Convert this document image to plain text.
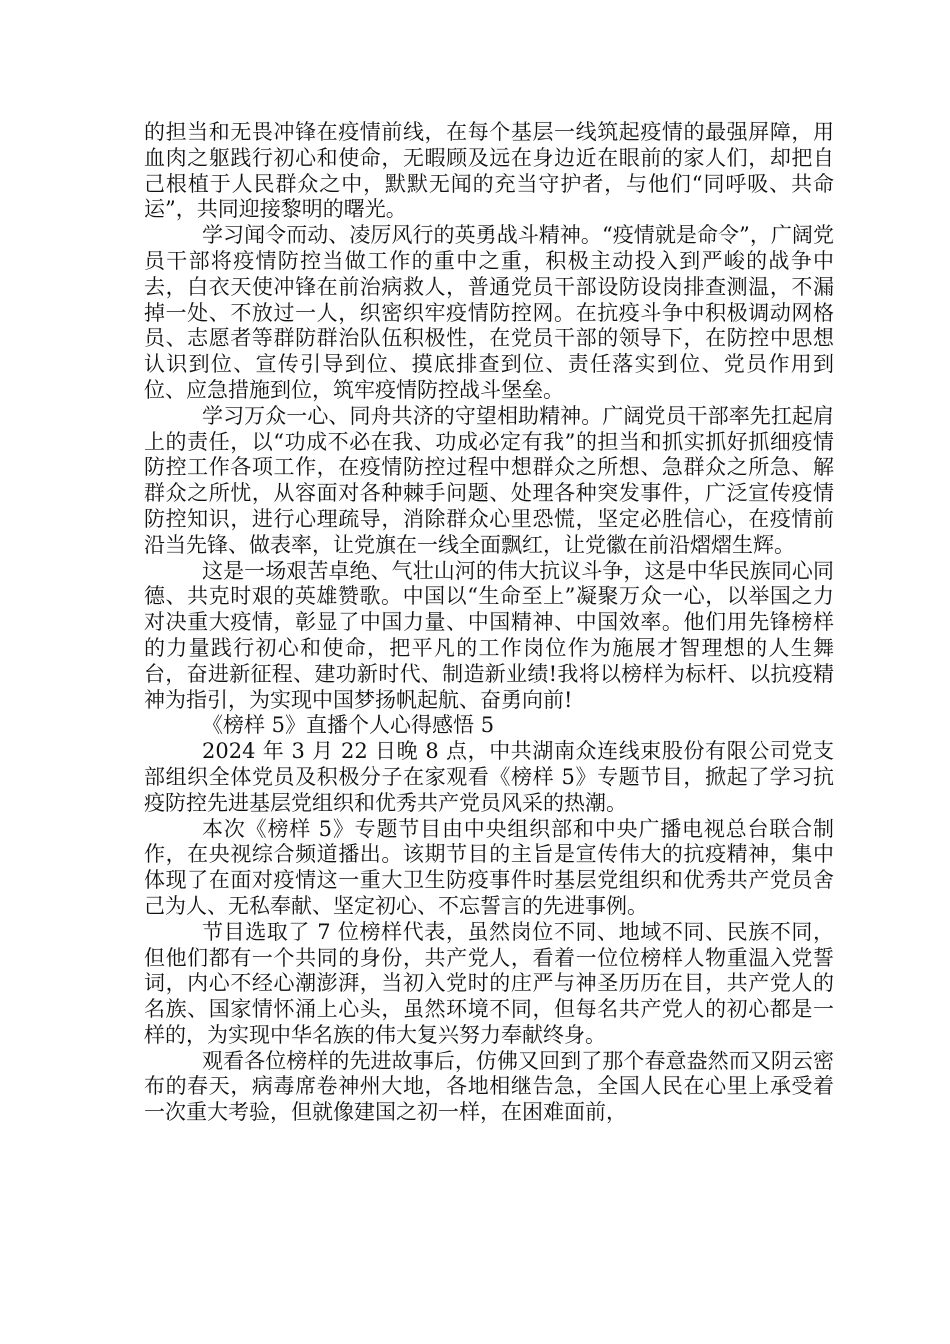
的担当和无畏冲锋在疫情前线，在每个基层一线筑起疫情的最强屏障，用血肉之躯践行初心和使命，无暇顾及远在身边近在眼前的家人们，却把自己根植于人民群众之中，默默无闻的充当守护者，与他们“同呼吸、共命运”，共同迎接黎明的曙光。

学习闻令而动、凌厉风行的英勇战斗精神。“疫情就是命令”，广阔党员干部将疫情防控当做工作的重中之重，积极主动投入到严峻的战争中去，白衣天使冲锋在前治病救人，普通党员干部设防设岗排查测温，不漏掉一处、不放过一人，织密织牢疫情防控网。在抗疫斗争中积极调动网格员、志愿者等群防群治队伍积极性，在党员干部的领导下，在防控中思想认识到位、宣传引导到位、摸底排查到位、责任落实到位、党员作用到位、应急措施到位，筑牢疫情防控战斗堡垒。

学习万众一心、同舟共济的守望相助精神。广阔党员干部率先扛起肩上的责任，以“功成不必在我、功成必定有我”的担当和抓实抓好抓细疫情防控工作各项工作，在疫情防控过程中想群众之所想、急群众之所急、解群众之所忧，从容面对各种棘手问题、处理各种突发事件，广泛宣传疫情防控知识，进行心理疏导，消除群众心里恐慌，坚定必胜信心，在疫情前沿当先锋、做表率，让党旗在一线全面飘红，让党徽在前沿熠熠生辉。

这是一场艰苦卓绝、气壮山河的伟大抗议斗争，这是中华民族同心同德、共克时艰的英雄赞歌。中国以“生命至上”凝聚万众一心，以举国之力对决重大疫情，彰显了中国力量、中国精神、中国效率。他们用先锋榜样的力量践行初心和使命，把平凡的工作岗位作为施展才智理想的人生舞台，奋进新征程、建功新时代、制造新业绩!我将以榜样为标杆、以抗疫精神为指引，为实现中国梦扬帆起航、奋勇向前!

《榜样 5》直播个人心得感悟 5

2024 年 3 月 22 日晚 8 点，中共湖南众连线束股份有限公司党支部组织全体党员及积极分子在家观看《榜样 5》专题节目，掀起了学习抗疫防控先进基层党组织和优秀共产党员风采的热潮。

本次《榜样 5》专题节目由中央组织部和中央广播电视总台联合制作，在央视综合频道播出。该期节目的主旨是宣传伟大的抗疫精神，集中体现了在面对疫情这一重大卫生防疫事件时基层党组织和优秀共产党员舍己为人、无私奉献、坚定初心、不忘誓言的先进事例。

节目选取了 7 位榜样代表，虽然岗位不同、地域不同、民族不同，但他们都有一个共同的身份，共产党人，看着一位位榜样人物重温入党誓词，内心不经心潮澎湃，当初入党时的庄严与神圣历历在目，共产党人的名族、国家情怀涌上心头，虽然环境不同，但每名共产党人的初心都是一样的，为实现中华名族的伟大复兴努力奉献终身。

观看各位榜样的先进故事后，仿佛又回到了那个春意盎然而又阴云密布的春天，病毒席卷神州大地，各地相继告急，全国人民在心里上承受着一次重大考验，但就像建国之初一样，在困难面前，
